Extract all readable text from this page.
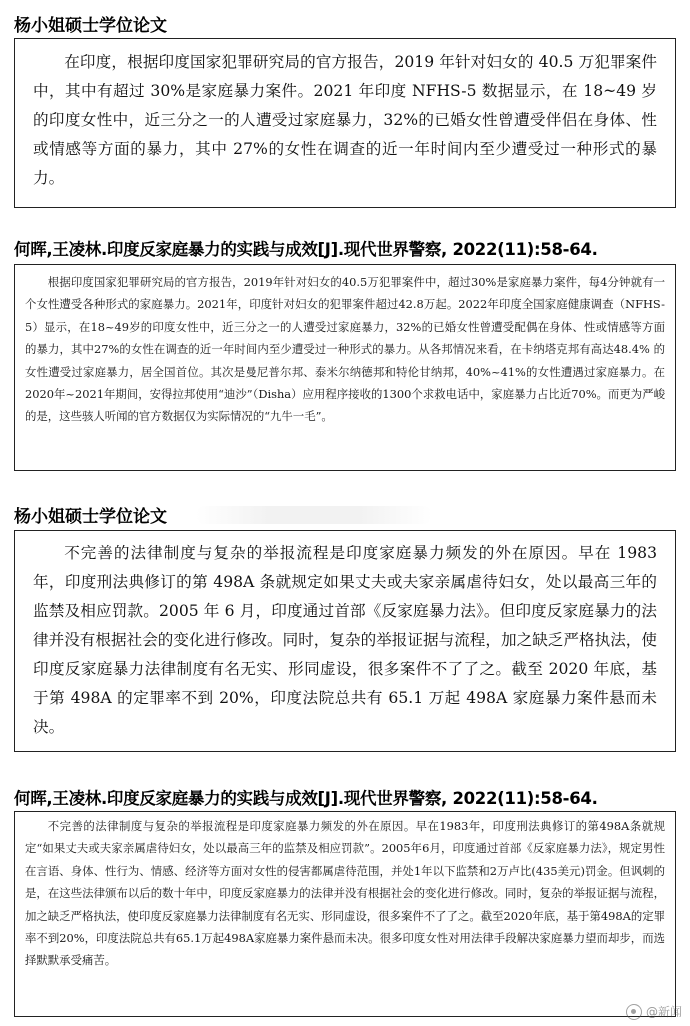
杨小姐硕士学位论文

在印度，根据印度国家犯罪研究局的官方报告，2019 年针对妇女的 40.5 万犯罪案件中，其中有超过 30%是家庭暴力案件。2021 年印度 NFHS-5 数据显示，在 18~49 岁的印度女性中，近三分之一的人遭受过家庭暴力，32%的已婚女性曾遭受伴侣在身体、性或情感等方面的暴力，其中 27%的女性在调查的近一年时间内至少遭受过一种形式的暴力。

何晖,王凌林.印度反家庭暴力的实践与成效[J].现代世界警察, 2022(11):58-64.

根据印度国家犯罪研究局的官方报告，2019年针对妇女的40.5万犯罪案件中，超过30%是家庭暴力案件，每4分钟就有一个女性遭受各种形式的家庭暴力。2021年，印度针对妇女的犯罪案件超过42.8万起。2022年印度全国家庭健康调查（NFHS-5）显示，在18~49岁的印度女性中，近三分之一的人遭受过家庭暴力，32%的已婚女性曾遭受配偶在身体、性或情感等方面的暴力，其中27%的女性在调查的近一年时间内至少遭受过一种形式的暴力。从各邦情况来看，在卡纳塔克邦有高达48.4% 的女性遭受过家庭暴力，居全国首位。其次是曼尼普尔邦、泰米尔纳德邦和特伦甘纳邦，40%~41%的女性遭遇过家庭暴力。在2020年~2021年期间，安得拉邦使用“迪沙”（Disha）应用程序接收的1300个求救电话中，家庭暴力占比近70%。而更为严峻的是，这些骇人听闻的官方数据仅为实际情况的“九牛一毛”。

杨小姐硕士学位论文

不完善的法律制度与复杂的举报流程是印度家庭暴力频发的外在原因。早在 1983 年，印度刑法典修订的第 498A 条就规定如果丈夫或夫家亲属虐待妇女，处以最高三年的监禁及相应罚款。2005 年 6 月，印度通过首部《反家庭暴力法》。但印度反家庭暴力的法律并没有根据社会的变化进行修改。同时，复杂的举报证据与流程，加之缺乏严格执法，使印度反家庭暴力法律制度有名无实、形同虚设，很多案件不了了之。截至 2020 年底，基于第 498A 的定罪率不到 20%，印度法院总共有 65.1 万起 498A 家庭暴力案件悬而未决。

何晖,王凌林.印度反家庭暴力的实践与成效[J].现代世界警察, 2022(11):58-64.

不完善的法律制度与复杂的举报流程是印度家庭暴力频发的外在原因。早在1983年，印度刑法典修订的第498A条就规定“如果丈夫或夫家亲属虐待妇女，处以最高三年的监禁及相应罚款”。2005年6月，印度通过首部《反家庭暴力法》，规定男性在言语、身体、性行为、情感、经济等方面对女性的侵害都属虐待范围，并处1年以下监禁和2万卢比(435美元)罚金。但讽刺的是，在这些法律颁布以后的数十年中，印度反家庭暴力的法律并没有根据社会的变化进行修改。同时，复杂的举报证据与流程，加之缺乏严格执法，使印度反家庭暴力法律制度有名无实、形同虚设，很多案件不了了之。截至2020年底，基于第498A的定罪率不到20%，印度法院总共有65.1万起498A家庭暴力案件悬而未决。很多印度女性对用法律手段解决家庭暴力望而却步，而选择默默承受痛苦。

@新闻
